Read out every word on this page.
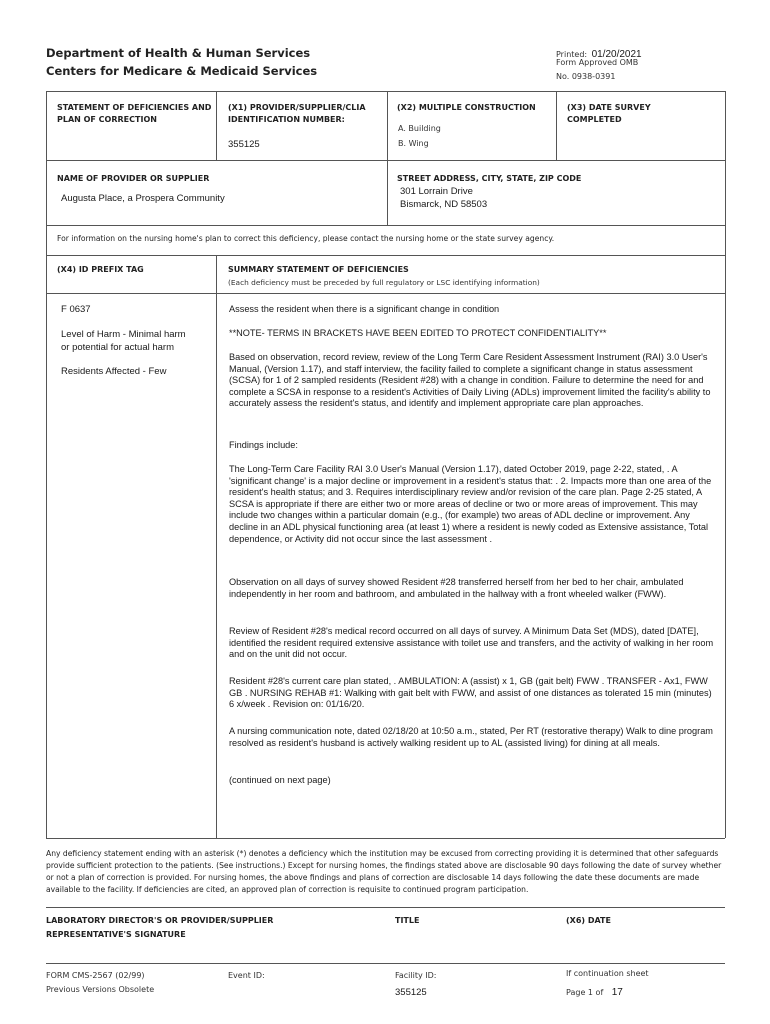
Department of Health & Human Services
Centers for Medicare & Medicaid Services
Printed: 01/20/2021
Form Approved OMB
No. 0938-0391
STATEMENT OF DEFICIENCIES AND PLAN OF CORRECTION
(X1) PROVIDER/SUPPLIER/CLIA IDENTIFICATION NUMBER:
355125
(X2) MULTIPLE CONSTRUCTION
A. Building
B. Wing
(X3) DATE SURVEY COMPLETED
NAME OF PROVIDER OR SUPPLIER
Augusta Place, a Prospera Community
STREET ADDRESS, CITY, STATE, ZIP CODE
301 Lorrain Drive
Bismarck, ND 58503
For information on the nursing home's plan to correct this deficiency, please contact the nursing home or the state survey agency.
(X4) ID PREFIX TAG	SUMMARY STATEMENT OF DEFICIENCIES
(Each deficiency must be preceded by full regulatory or LSC identifying information)
F 0637
Level of Harm - Minimal harm
or potential for actual harm
Residents Affected - Few
Assess the resident when there is a significant change in condition
**NOTE- TERMS IN BRACKETS HAVE BEEN EDITED TO PROTECT CONFIDENTIALITY**
Based on observation, record review, review of the Long Term Care Resident Assessment Instrument (RAI) 3.0 User's Manual, (Version 1.17), and staff interview, the facility failed to complete a significant change in status assessment (SCSA) for 1 of 2 sampled residents (Resident #28) with a change in condition. Failure to determine the need for and complete a SCSA in response to a resident's Activities of Daily Living (ADLs) improvement limited the facility's ability to accurately assess the resident's status, and identify and implement appropriate care plan approaches.
Findings include:
The Long-Term Care Facility RAI 3.0 User's Manual (Version 1.17), dated October 2019, page 2-22, stated, . A 'significant change' is a major decline or improvement in a resident's status that: . 2. Impacts more than one area of the resident's health status; and 3. Requires interdisciplinary review and/or revision of the care plan. Page 2-25 stated, A SCSA is appropriate if there are either two or more areas of decline or two or more areas of improvement. This may include two changes within a particular domain (e.g., (for example) two areas of ADL decline or improvement. Any decline in an ADL physical functioning area (at least 1) where a resident is newly coded as Extensive assistance, Total dependence, or Activity did not occur since the last assessment .
Observation on all days of survey showed Resident #28 transferred herself from her bed to her chair, ambulated independently in her room and bathroom, and ambulated in the hallway with a front wheeled walker (FWW).
Review of Resident #28's medical record occurred on all days of survey. A Minimum Data Set (MDS), dated [DATE], identified the resident required extensive assistance with toilet use and transfers, and the activity of walking in her room and on the unit did not occur.
Resident #28's current care plan stated, . AMBULATION: A (assist) x 1, GB (gait belt) FWW . TRANSFER - Ax1, FWW GB . NURSING REHAB #1: Walking with gait belt with FWW, and assist of one distances as tolerated 15 min (minutes) 6 x/week . Revision on: 01/16/20.
A nursing communication note, dated 02/18/20 at 10:50 a.m., stated, Per RT (restorative therapy) Walk to dine program resolved as resident's husband is actively walking resident up to AL (assisted living) for dining at all meals.
(continued on next page)
Any deficiency statement ending with an asterisk (*) denotes a deficiency which the institution may be excused from correcting providing it is determined that other safeguards provide sufficient protection to the patients. (See instructions.) Except for nursing homes, the findings stated above are disclosable 90 days following the date of survey whether or not a plan of correction is provided. For nursing homes, the above findings and plans of correction are disclosable 14 days following the date these documents are made available to the facility. If deficiencies are cited, an approved plan of correction is requisite to continued program participation.
LABORATORY DIRECTOR'S OR PROVIDER/SUPPLIER
REPRESENTATIVE'S SIGNATURE
TITLE	(X6) DATE
FORM CMS-2567 (02/99)
Previous Versions Obsolete
Event ID:	Facility ID:
355125
If continuation sheet
Page 1 of 17
